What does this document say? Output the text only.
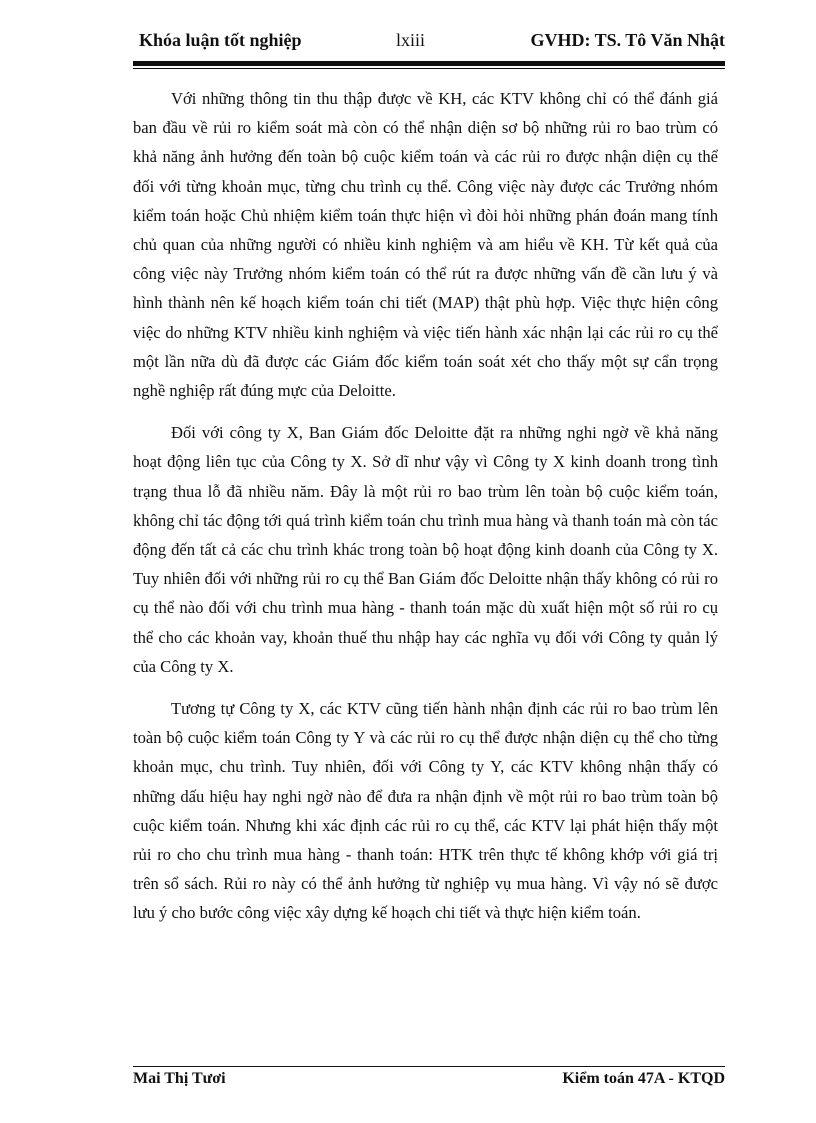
Khóa luận tốt nghiệp	lxiii	GVHD: TS. Tô Văn Nhật

Với những thông tin thu thập được về KH, các KTV không chỉ có thể đánh giá ban đầu về rủi ro kiểm soát mà còn có thể nhận diện sơ bộ những rủi ro bao trùm có khả năng ảnh hưởng đến toàn bộ cuộc kiểm toán và các rủi ro được nhận diện cụ thể đối với từng khoản mục, từng chu trình cụ thể. Công việc này được các Trưởng nhóm kiểm toán hoặc Chủ nhiệm kiểm toán thực hiện vì đòi hỏi những phán đoán mang tính chủ quan của những người có nhiều kinh nghiệm và am hiểu về KH. Từ kết quả của công việc này Trưởng nhóm kiểm toán có thể rút ra được những vấn đề cần lưu ý và hình thành nên kế hoạch kiểm toán chi tiết (MAP) thật phù hợp. Việc thực hiện công việc do những KTV nhiều kinh nghiệm và việc tiến hành xác nhận lại các rủi ro cụ thể một lần nữa dù đã được các Giám đốc kiểm toán soát xét cho thấy một sự cẩn trọng nghề nghiệp rất đúng mực của Deloitte.

Đối với công ty X, Ban Giám đốc Deloitte đặt ra những nghi ngờ về khả năng hoạt động liên tục của Công ty X. Sở dĩ như vậy vì Công ty X kinh doanh trong tình trạng thua lỗ đã nhiều năm. Đây là một rủi ro bao trùm lên toàn bộ cuộc kiểm toán, không chỉ tác động tới quá trình kiểm toán chu trình mua hàng và thanh toán mà còn tác động đến tất cả các chu trình khác trong toàn bộ hoạt động kinh doanh của Công ty X. Tuy nhiên đối với những rủi ro cụ thể Ban Giám đốc Deloitte nhận thấy không có rủi ro cụ thể nào đối với chu trình mua hàng - thanh toán mặc dù xuất hiện một số rủi ro cụ thể cho các khoản vay, khoản thuế thu nhập hay các nghĩa vụ đối với Công ty quản lý của Công ty X.

Tương tự Công ty X, các KTV cũng tiến hành nhận định các rủi ro bao trùm lên toàn bộ cuộc kiểm toán Công ty Y và các rủi ro cụ thể được nhận diện cụ thể cho từng khoản mục, chu trình. Tuy nhiên, đối với Công ty Y, các KTV không nhận thấy có những dấu hiệu hay nghi ngờ nào để đưa ra nhận định về một rủi ro bao trùm toàn bộ cuộc kiểm toán. Nhưng khi xác định các rủi ro cụ thể, các KTV lại phát hiện thấy một rủi ro cho chu trình mua hàng - thanh toán: HTK trên thực tế không khớp với giá trị trên sổ sách. Rủi ro này có thể ảnh hưởng từ nghiệp vụ mua hàng. Vì vậy nó sẽ được lưu ý cho bước công việc xây dựng kế hoạch chi tiết và thực hiện kiểm toán.

Mai Thị Tươi	Kiểm toán 47A - KTQD
